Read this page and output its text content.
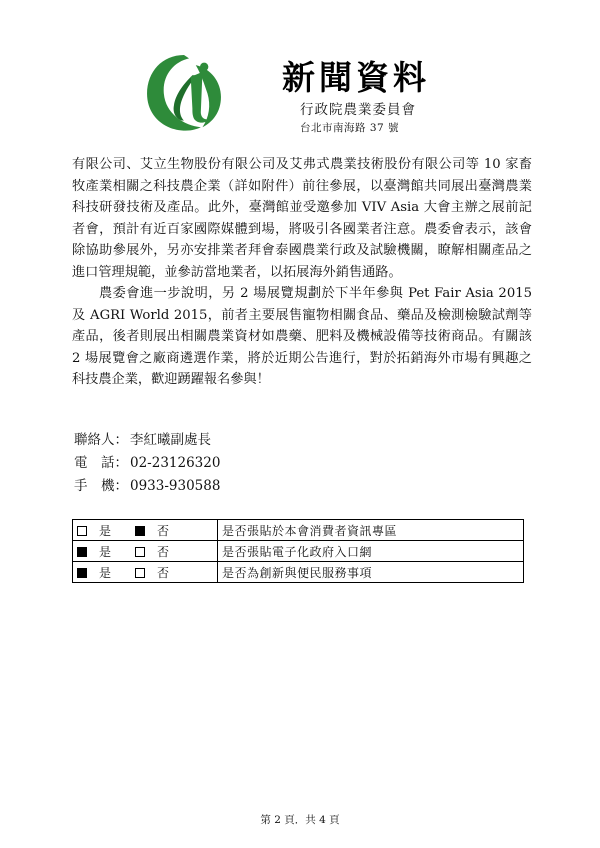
新聞資料
行政院農業委員會
台北市南海路 37 號

有限公司、艾立生物股份有限公司及艾弗式農業技術股份有限公司等 10 家畜牧產業相關之科技農企業（詳如附件）前往參展，以臺灣館共同展出臺灣農業科技研發技術及產品。此外，臺灣館並受邀參加 VIV Asia 大會主辦之展前記者會，預計有近百家國際媒體到場，將吸引各國業者注意。農委會表示，該會除協助參展外，另亦安排業者拜會泰國農業行政及試驗機關，瞭解相關產品之進口管理規範，並參訪當地業者，以拓展海外銷售通路。

農委會進一步說明，另 2 場展覽規劃於下半年參與 Pet Fair Asia 2015 及 AGRI World 2015，前者主要展售寵物相關食品、藥品及檢測檢驗試劑等產品，後者則展出相關農業資材如農藥、肥料及機械設備等技術商品。有關該 2 場展覽會之廠商遴選作業，將於近期公告進行，對於拓銷海外市場有興趣之科技農企業，歡迎踴躍報名參與！

聯絡人： 李紅曦副處長
電　話： 02-23126320
手　機： 0933-930588
是 否	是否張貼於本會消費者資訊專區
是 否	是否張貼電子化政府入口網
是 否	是否為創新與便民服務事項
第 2 頁．共 4 頁
